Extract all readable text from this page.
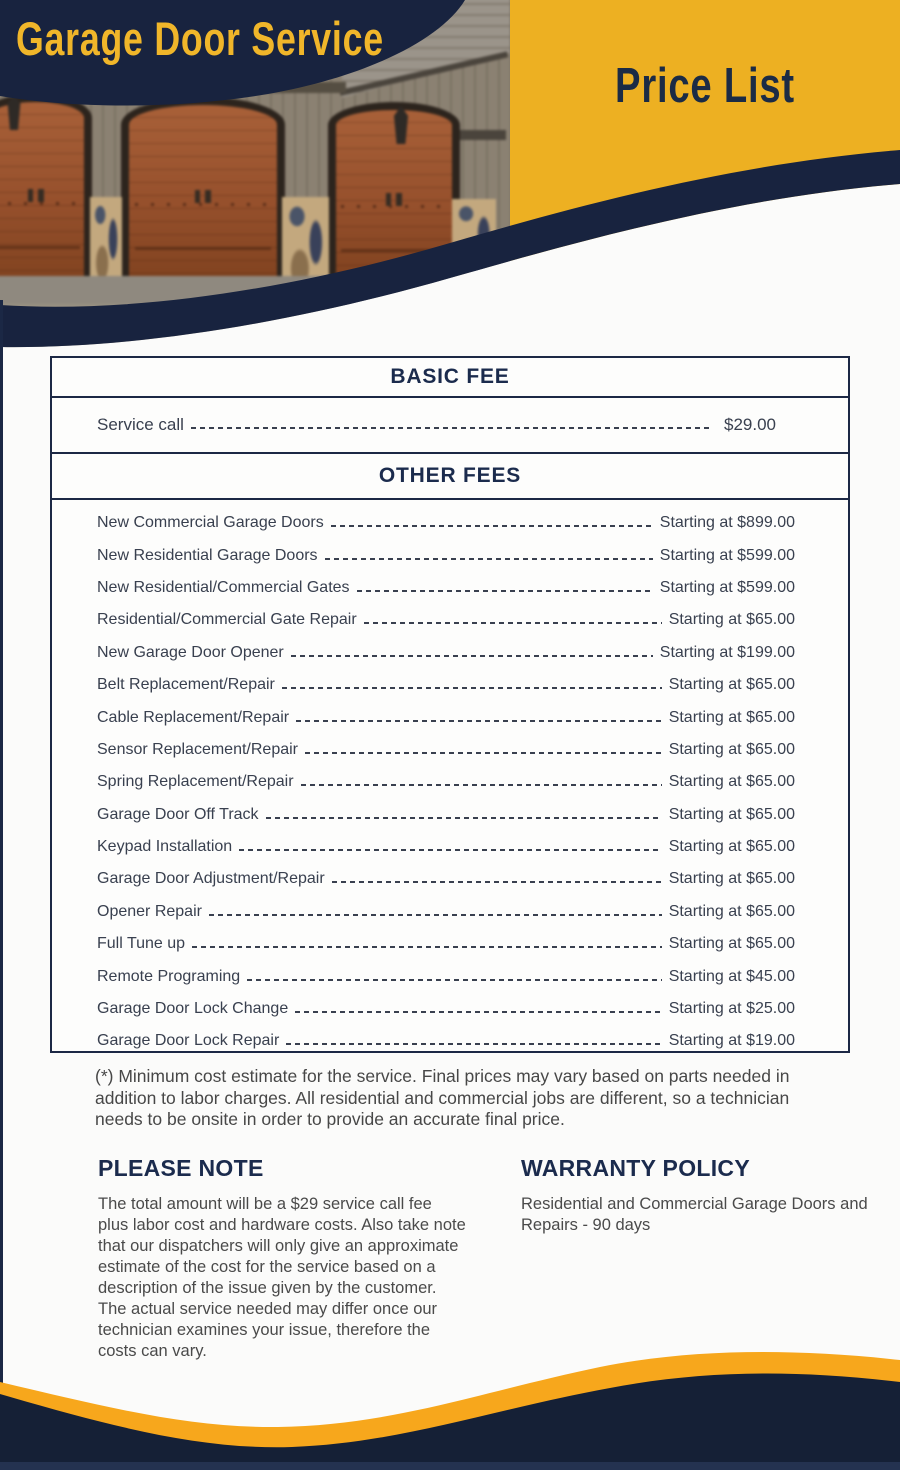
Price List
Garage Door Service
BASIC FEE
Service call	$29.00
OTHER FEES
New Commercial Garage Doors	Starting at $899.00
New Residential Garage Doors	Starting at $599.00
New Residential/Commercial Gates	Starting at $599.00
Residential/Commercial Gate Repair	Starting at $65.00
New Garage Door Opener	Starting at $199.00
Belt Replacement/Repair	Starting at $65.00
Cable Replacement/Repair	Starting at $65.00
Sensor Replacement/Repair	Starting at $65.00
Spring Replacement/Repair	Starting at $65.00
Garage Door Off Track	Starting at $65.00
Keypad Installation	Starting at $65.00
Garage Door Adjustment/Repair	Starting at $65.00
Opener Repair	Starting at $65.00
Full Tune up	Starting at $65.00
Remote Programing	Starting at $45.00
Garage Door Lock Change	Starting at $25.00
Garage Door Lock Repair	Starting at $19.00

(*) Minimum cost estimate for the service. Final prices may vary based on parts needed in addition to labor charges. All residential and commercial jobs are different, so a technician needs to be onsite in order to provide an accurate final price.

PLEASE NOTE

The total amount will be a $29 service call fee plus labor cost and hardware costs. Also take note that our dispatchers will only give an approximate estimate of the cost for the service based on a description of the issue given by the customer. The actual service needed may differ once our technician examines your issue, therefore the costs can vary.

WARRANTY POLICY

Residential and Commercial Garage Doors and Repairs - 90 days
